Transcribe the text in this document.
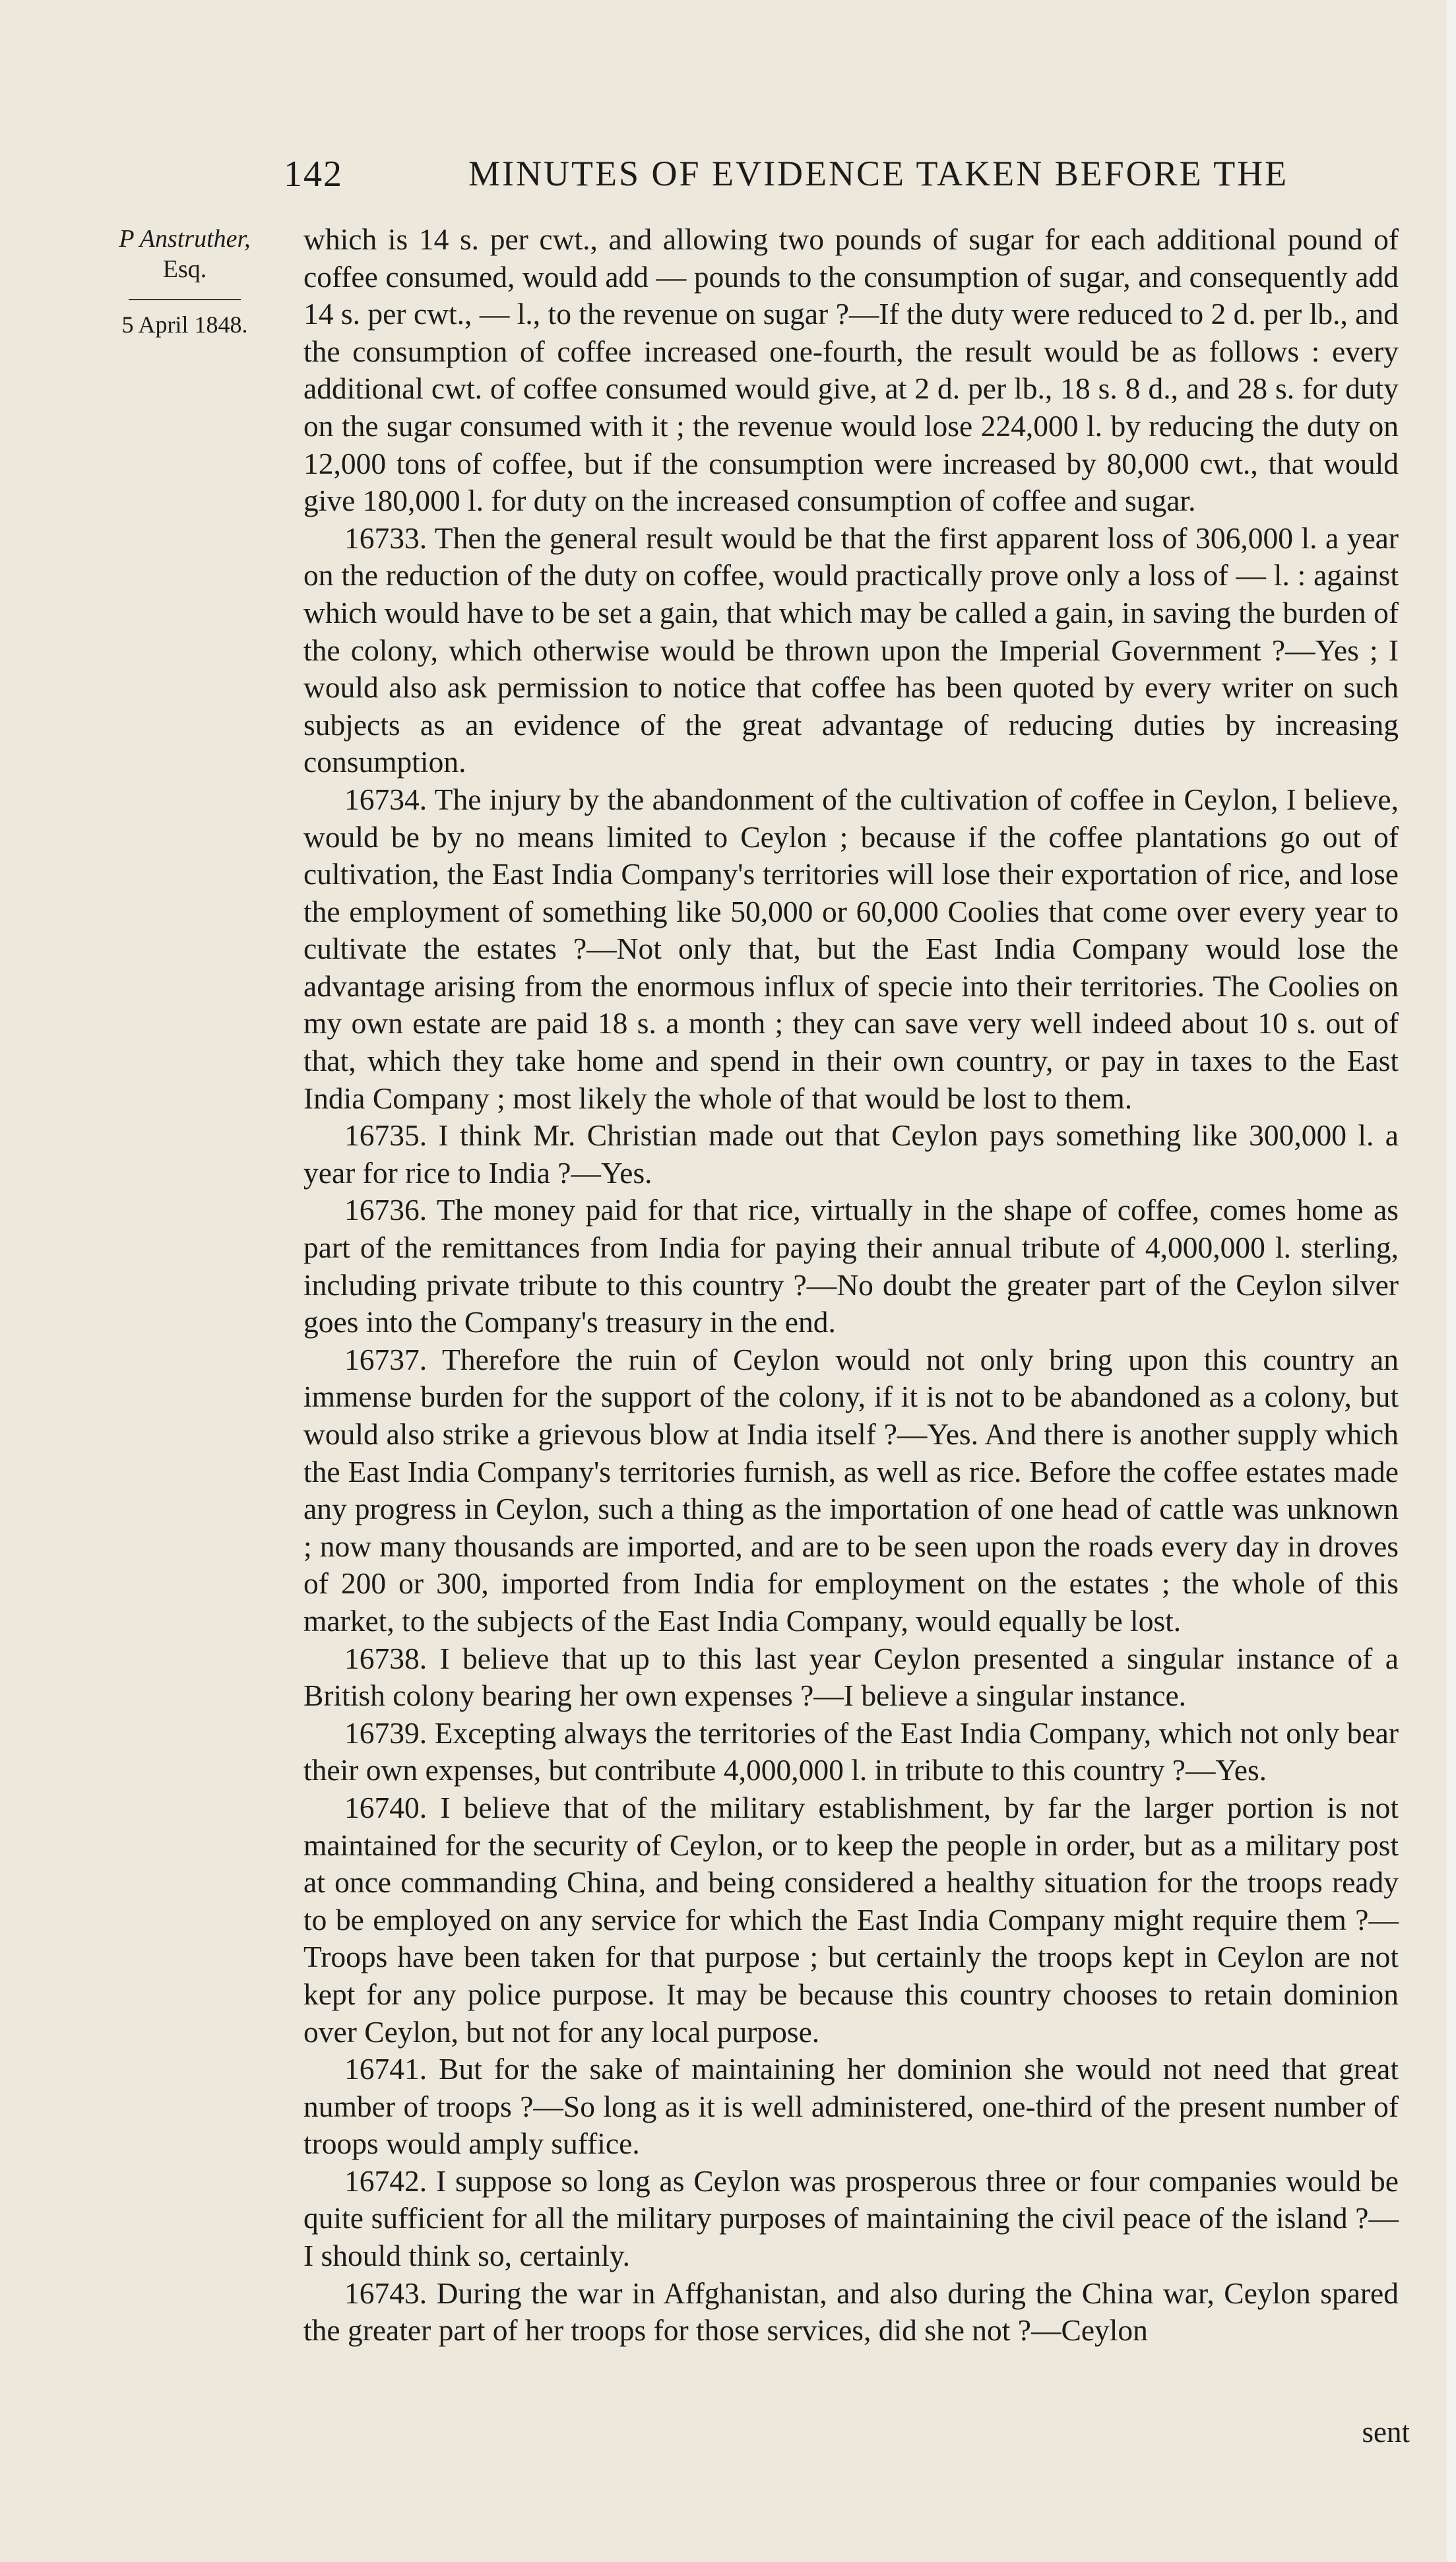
142	MINUTES OF EVIDENCE TAKEN BEFORE THE
P Anstruther,
Esq.
5 April 1848.

which is 14 s. per cwt., and allowing two pounds of sugar for each additional pound of coffee consumed, would add — pounds to the consumption of sugar, and consequently add 14 s. per cwt., — l., to the revenue on sugar ?—If the duty were reduced to 2 d. per lb., and the consumption of coffee increased one-fourth, the result would be as follows : every additional cwt. of coffee consumed would give, at 2 d. per lb., 18 s. 8 d., and 28 s. for duty on the sugar consumed with it ; the revenue would lose 224,000 l. by reducing the duty on 12,000 tons of coffee, but if the consumption were increased by 80,000 cwt., that would give 180,000 l. for duty on the increased consumption of coffee and sugar.

16733. Then the general result would be that the first apparent loss of 306,000 l. a year on the reduction of the duty on coffee, would practically prove only a loss of — l. : against which would have to be set a gain, that which may be called a gain, in saving the burden of the colony, which otherwise would be thrown upon the Imperial Government ?—Yes ; I would also ask permission to notice that coffee has been quoted by every writer on such subjects as an evidence of the great advantage of reducing duties by increasing consumption.

16734. The injury by the abandonment of the cultivation of coffee in Ceylon, I believe, would be by no means limited to Ceylon ; because if the coffee plantations go out of cultivation, the East India Company's territories will lose their exportation of rice, and lose the employment of something like 50,000 or 60,000 Coolies that come over every year to cultivate the estates ?—Not only that, but the East India Company would lose the advantage arising from the enormous influx of specie into their territories. The Coolies on my own estate are paid 18 s. a month ; they can save very well indeed about 10 s. out of that, which they take home and spend in their own country, or pay in taxes to the East India Company ; most likely the whole of that would be lost to them.

16735. I think Mr. Christian made out that Ceylon pays something like 300,000 l. a year for rice to India ?—Yes.

16736. The money paid for that rice, virtually in the shape of coffee, comes home as part of the remittances from India for paying their annual tribute of 4,000,000 l. sterling, including private tribute to this country ?—No doubt the greater part of the Ceylon silver goes into the Company's treasury in the end.

16737. Therefore the ruin of Ceylon would not only bring upon this country an immense burden for the support of the colony, if it is not to be abandoned as a colony, but would also strike a grievous blow at India itself ?—Yes. And there is another supply which the East India Company's territories furnish, as well as rice. Before the coffee estates made any progress in Ceylon, such a thing as the importation of one head of cattle was unknown ; now many thousands are imported, and are to be seen upon the roads every day in droves of 200 or 300, imported from India for employment on the estates ; the whole of this market, to the subjects of the East India Company, would equally be lost.

16738. I believe that up to this last year Ceylon presented a singular instance of a British colony bearing her own expenses ?—I believe a singular instance.

16739. Excepting always the territories of the East India Company, which not only bear their own expenses, but contribute 4,000,000 l. in tribute to this country ?—Yes.

16740. I believe that of the military establishment, by far the larger portion is not maintained for the security of Ceylon, or to keep the people in order, but as a military post at once commanding China, and being considered a healthy situation for the troops ready to be employed on any service for which the East India Company might require them ?—Troops have been taken for that purpose ; but certainly the troops kept in Ceylon are not kept for any police purpose. It may be because this country chooses to retain dominion over Ceylon, but not for any local purpose.

16741. But for the sake of maintaining her dominion she would not need that great number of troops ?—So long as it is well administered, one-third of the present number of troops would amply suffice.

16742. I suppose so long as Ceylon was prosperous three or four companies would be quite sufficient for all the military purposes of maintaining the civil peace of the island ?—I should think so, certainly.

16743. During the war in Affghanistan, and also during the China war, Ceylon spared the greater part of her troops for those services, did she not ?—Ceylon

sent
